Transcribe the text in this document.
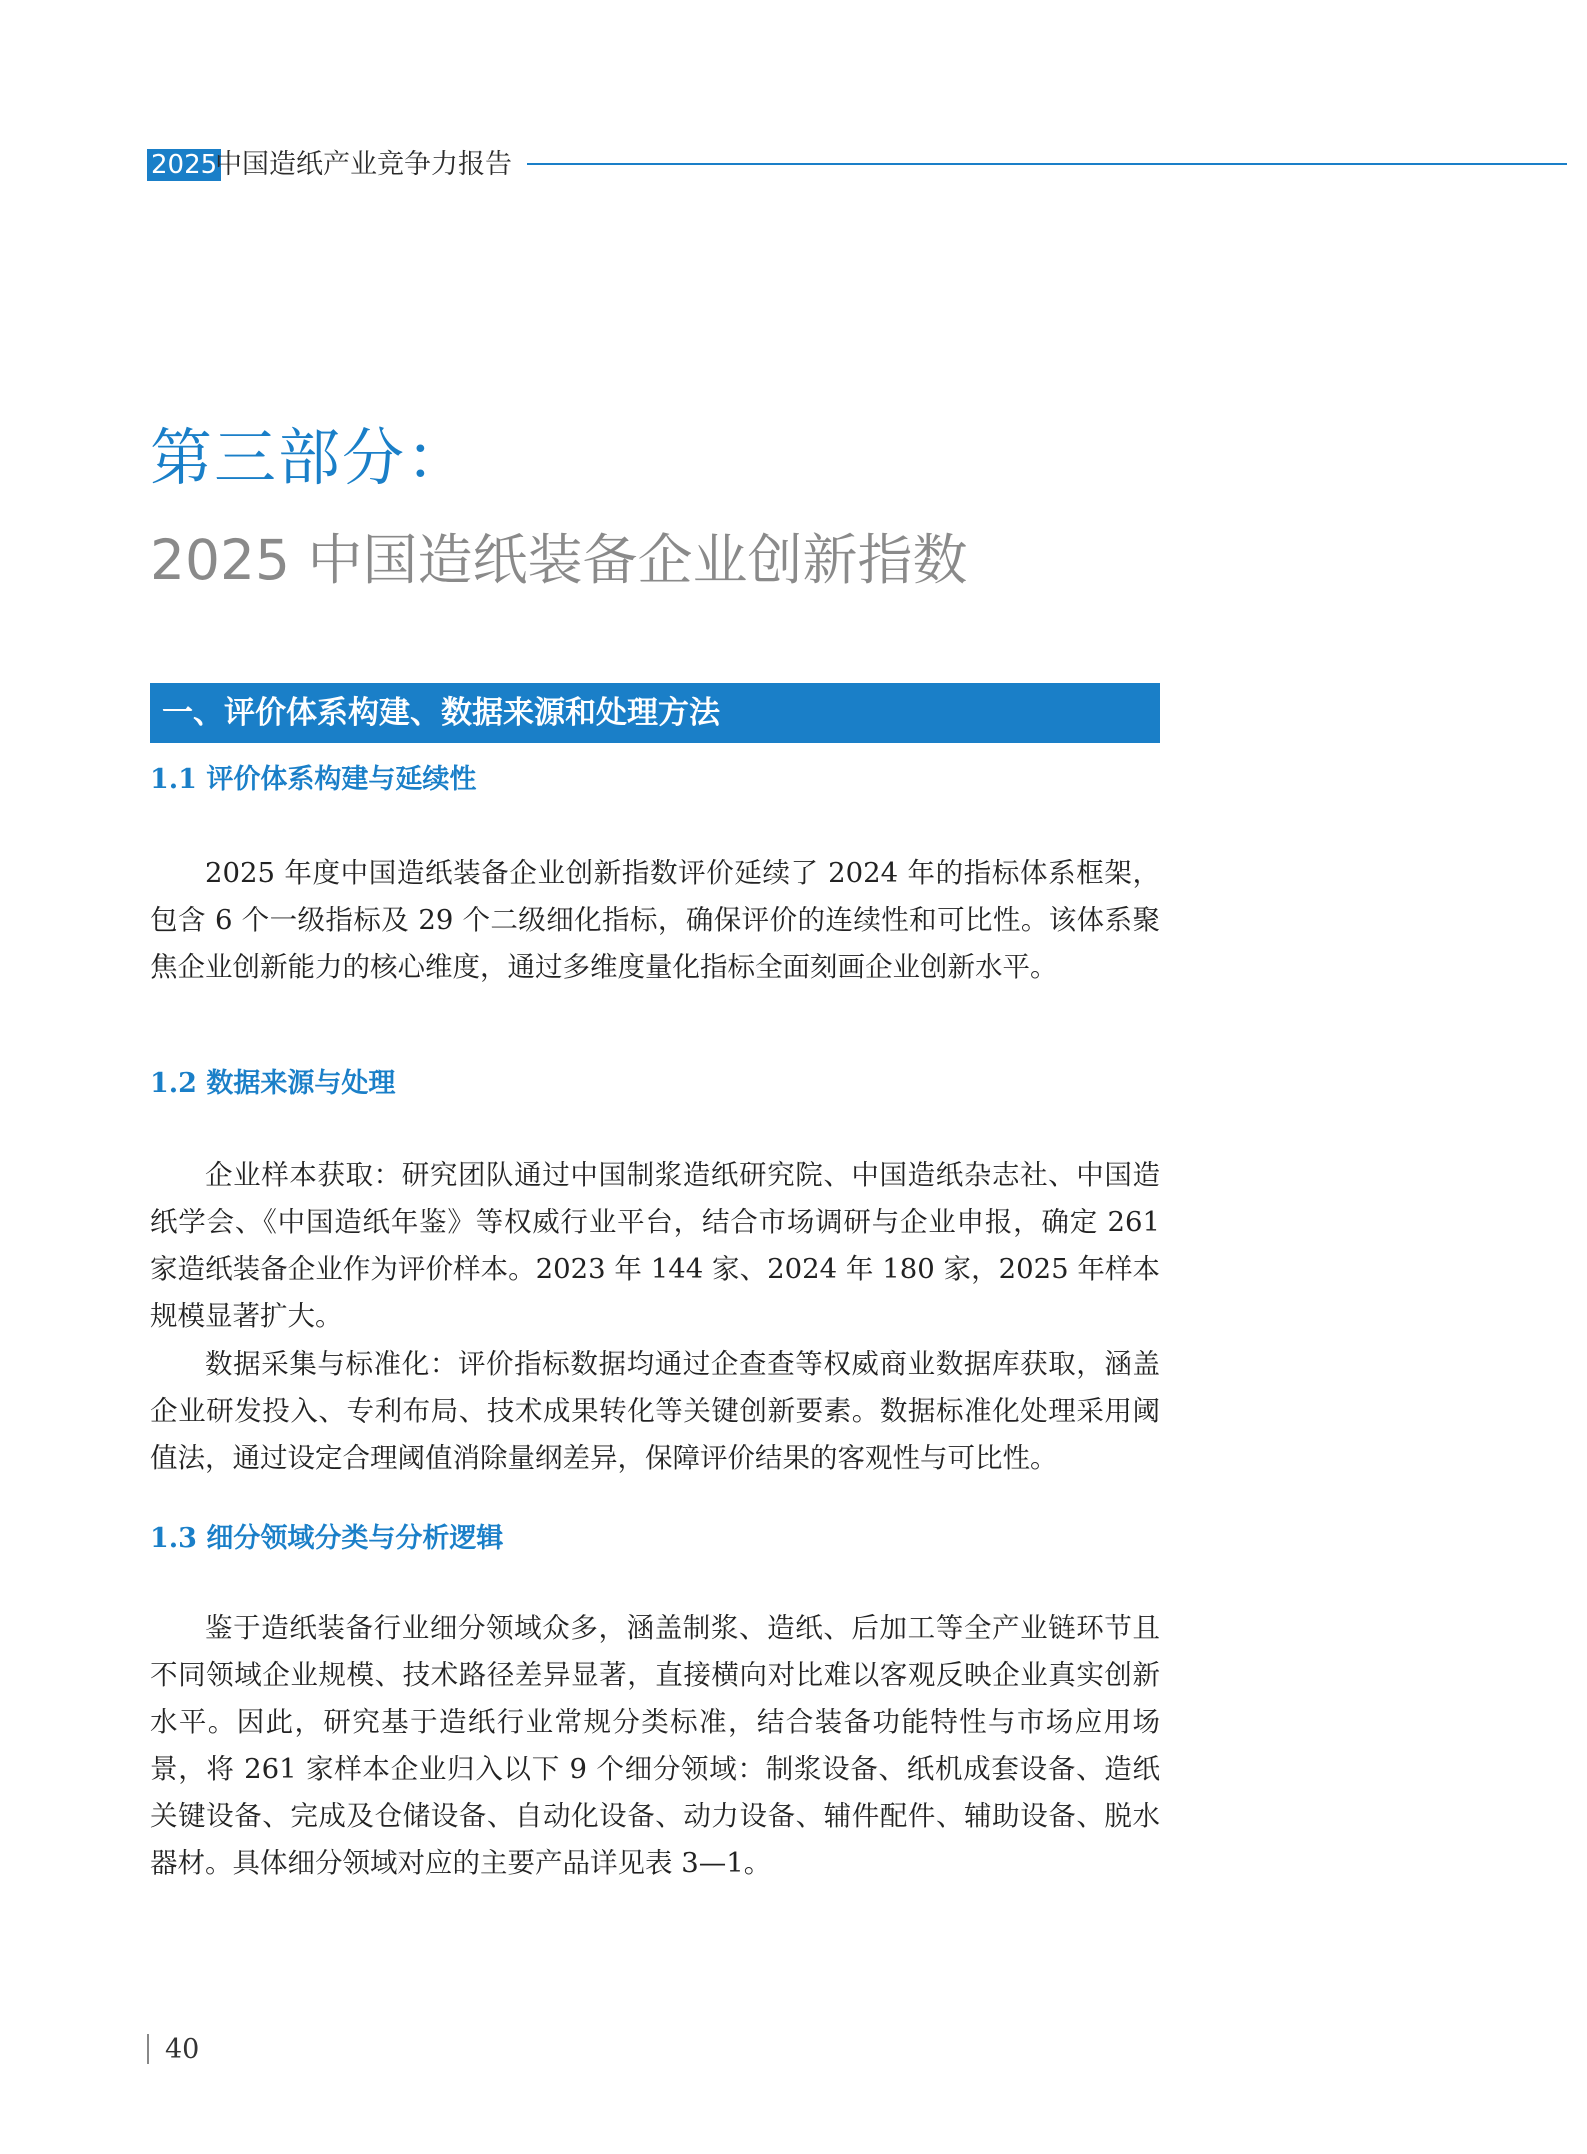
2025
中国造纸产业竞争力报告
第三部分：
2025 中国造纸装备企业创新指数
一、评价体系构建、数据来源和处理方法
1.1 评价体系构建与延续性

2025 年度中国造纸装备企业创新指数评价延续了 2024 年的指标体系框架，包含 6 个一级指标及 29 个二级细化指标，确保评价的连续性和可比性。该体系聚焦企业创新能力的核心维度，通过多维度量化指标全面刻画企业创新水平。

1.2 数据来源与处理

企业样本获取：研究团队通过中国制浆造纸研究院、中国造纸杂志社、中国造纸学会、《中国造纸年鉴》等权威行业平台，结合市场调研与企业申报，确定 261 家造纸装备企业作为评价样本。2023 年 144 家、2024 年 180 家，2025 年样本规模显著扩大。

数据采集与标准化：评价指标数据均通过企查查等权威商业数据库获取，涵盖企业研发投入、专利布局、技术成果转化等关键创新要素。数据标准化处理采用阈值法，通过设定合理阈值消除量纲差异，保障评价结果的客观性与可比性。

1.3 细分领域分类与分析逻辑

鉴于造纸装备行业细分领域众多，涵盖制浆、造纸、后加工等全产业链环节且不同领域企业规模、技术路径差异显著，直接横向对比难以客观反映企业真实创新水平。因此，研究基于造纸行业常规分类标准，结合装备功能特性与市场应用场景，将 261 家样本企业归入以下 9 个细分领域：制浆设备、纸机成套设备、造纸关键设备、完成及仓储设备、自动化设备、动力设备、辅件配件、辅助设备、脱水器材。具体细分领域对应的主要产品详见表 3—1。

40
